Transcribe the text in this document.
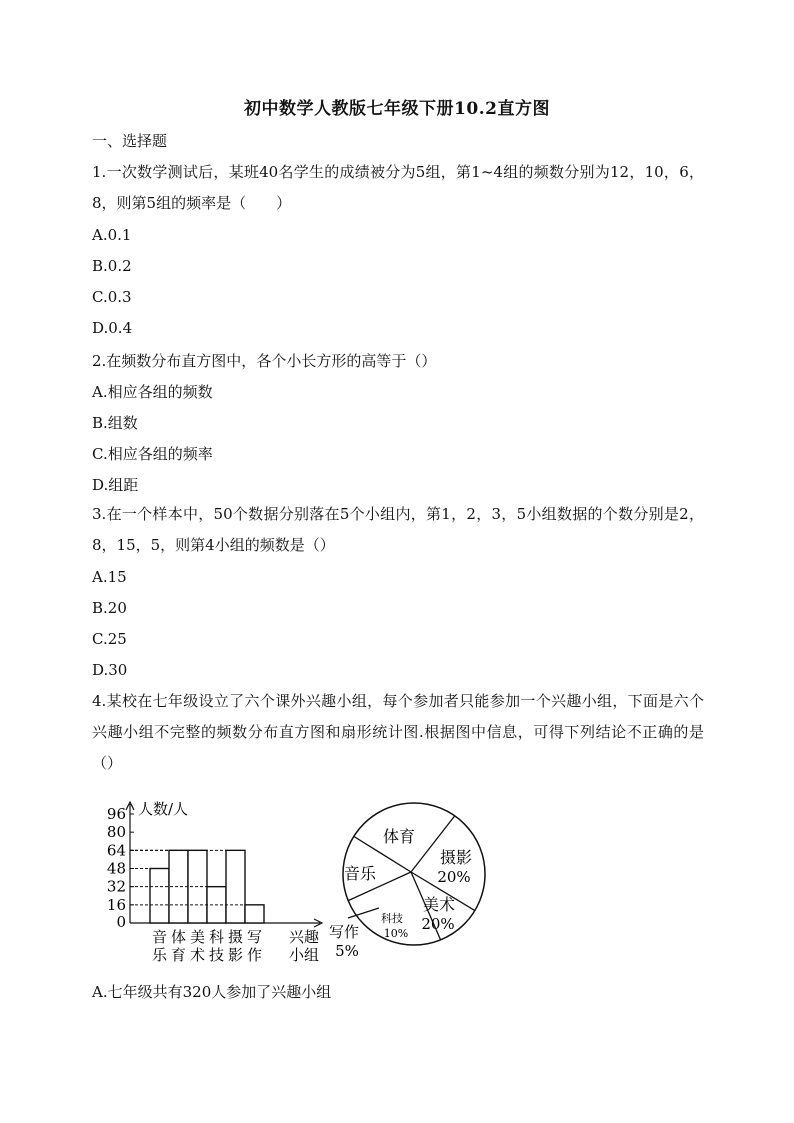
初中数学人教版七年级下册10.2直方图
一、选择题
1.一次数学测试后，某班40名学生的成绩被分为5组，第1~4组的频数分别为12，10，6，8，则第5组的频率是（　　）
A.0.1
B.0.2
C.0.3
D.0.4
2.在频数分布直方图中，各个小长方形的高等于（）
A.相应各组的频数
B.组数
C.相应各组的频率
D.组距
3.在一个样本中，50个数据分别落在5个小组内，第1，2，3，5小组数据的个数分别是2，8，15，5，则第4小组的频数是（）
A.15
B.20
C.25
D.30
4.某校在七年级设立了六个课外兴趣小组，每个参加者只能参加一个兴趣小组，下面是六个兴趣小组不完整的频数分布直方图和扇形统计图.根据图中信息，可得下列结论不正确的是（）
0
16
32
48
64
80
96 人数/人
兴趣
小组
音
乐
体
育
美
术
科
技
摄
影
写
作
体育
音乐
摄影
20%
美术
20%
科技
10%
写作
5%
A.七年级共有320人参加了兴趣小组
